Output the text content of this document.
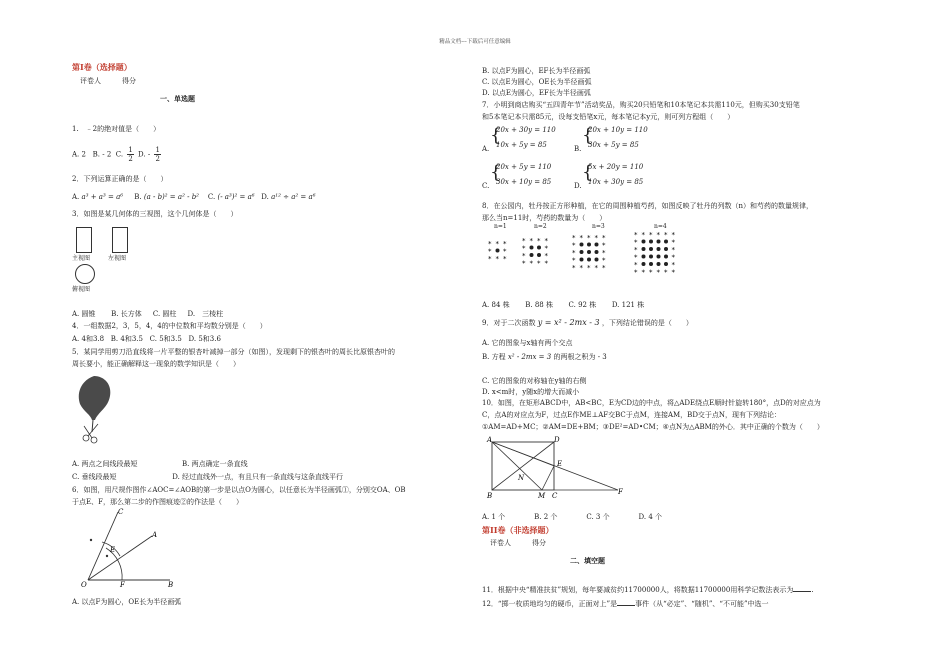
精品文档---下载后可任意编辑
第Ⅰ卷（选择题）
评卷人	得分
一、单选题
1.　﹣2的绝对值是（　　）
A. 2 B. - 2 C. $\frac{1}{2} D$. - $\frac{1}{2}$
2．下列运算正确的是（　　）
A. a³ + a³ = a⁶ B. (a - b)² = a² - b² C. (- a³)² = a⁶ D. a¹² ÷ a² = a⁶
3．如图是某几何体的三视图，这个几何体是（　　）
主视图	左视图
俯视图
A. 圆锥 B. 长方体 C. 圆柱 D.　三棱柱
4．一组数据2，3，5，4，4的中位数和平均数分别是（　　）
A. 4和3.8 B. 4和3.5 C. 5和3.5 D. 5和3.6
5．某同学用剪刀沿直线将一片平整的银杏叶减掉一部分（如图），发现剩下的银杏叶的周长比原银杏叶的
周长要小，能正确解释这一现象的数学知识是（　　）
A. 两点之间线段最短	B. 两点确定一条直线
C. 垂线段最短	D. 经过直线外一点，有且只有一条直线与这条直线平行
6．如图，用尺规作图作∠AOC=∠AOB的第一步是以点O为圆心，以任意长为半径画弧①，分别交OA、OB
于点E、F，那么第二步的作图痕迹②的作法是（　　）
C
A
E
O	F	B
A. 以点F为圆心，OE长为半径画弧
B. 以点F为圆心，EF长为半径画弧
C. 以点E为圆心，OE长为半径画弧
D. 以点E为圆心，EF长为半径画弧
7．小明到商店购买“五四青年节”活动奖品，购买20只铅笔和10本笔记本共需110元，但购买30支铅笔
和5本笔记本只需85元，设每支铅笔x元，每本笔记本y元，则可列方程组（　　）
A.
{
20x + 30y = 110
10x + 5y = 85	B.
{
20x + 10y = 110
30x + 5y = 85
C.
{
20x + 5y = 110
30x + 10y = 85	D.
{
5x + 20y = 110
10x + 30y = 85
8．在公园内，牡丹按正方形种植，在它的周围种植芍药，如图反映了牡丹的列数（n）和芍药的数量规律，
那么当n=11时，芍药的数量为（　　）
n=1	n=2	n=3	n=4
* * *
* *
* * *
* * * *
*	*
*	*
* * * *
* * * * *
*	*
*	*
*	*
* * * * *
* * * * * *
*	*
*	*
*	*
*	*
* * * * * *
A. 84 株 B. 88 株 C. 92 株 D. 121 株
9．对于二次函数 y = x² - 2mx - 3 ，下列结论错误的是（　　）
A. 它的图象与x轴有两个交点
B. 方程 x² - 2mx = 3 的两根之积为 - 3
C. 它的图象的对称轴在y轴的右侧
D. x<m时，y随x的增大而减小
10．如图，在矩形ABCD中，AB<BC，E为CD边的中点，将△ADE绕点E顺时针旋转180°，点D的对应点为
C，点A的对应点为F，过点E作ME⊥AF交BC于点M，连接AM，BD交于点N，现有下列结论：
①AM=AD+MC；②AM=DE+BM；③DE²=AD•CM；④点N为△ABM的外心．其中正确的个数为（　　）
A	D
E
N
B	M C	F
A. 1 个	B. 2 个	C. 3 个	D. 4 个
第II卷（非选择题）
评卷人	得分
二、填空题
11．根据中央“精准扶贫”规划，每年要减贫约11700000人，将数据11700000用科学记数法表示为	.
12．“掷一枚质地均匀的硬币，正面对上”是	事件（从“必定”、“随机”、“不可能”中选一
